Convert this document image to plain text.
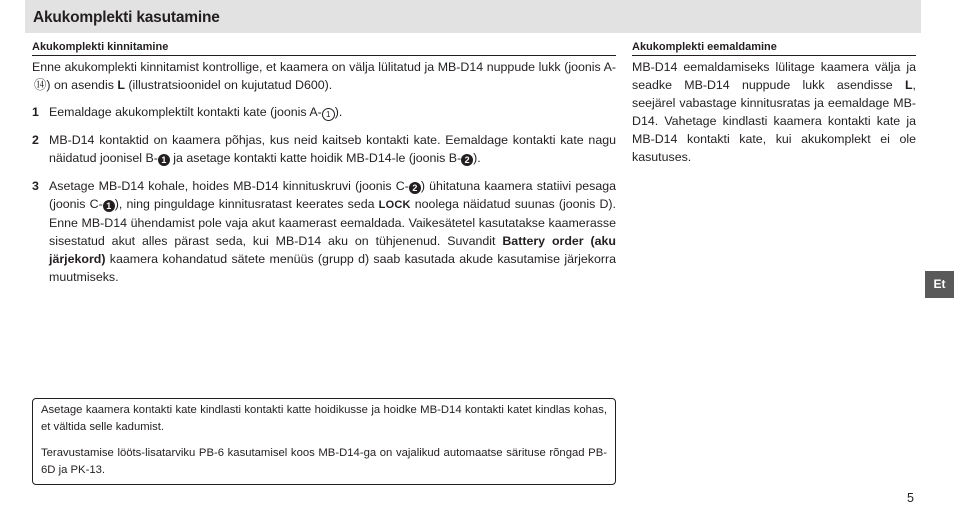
Akukomplekti kasutamine
Akukomplekti kinnitamine

Enne akukomplekti kinnitamist kontrollige, et kaamera on välja lülitatud ja MB-D14 nuppude lukk (joonis A-⑭) on asendis L (illustratsioonidel on kujutatud D600).

1 Eemaldage akukomplektilt kontakti kate (joonis A- 1 ).
2 MB-D14 kontaktid on kaamera põhjas, kus neid kaitseb kontakti kate. Eemaldage kontakti kate nagu näidatud joonisel B- 1 ja asetage kontakti katte hoidik MB-D14-le (joonis B- 2 ).
3 Asetage MB-D14 kohale, hoides MB-D14 kinnituskruvi (joonis C- 2 ) ühitatuna kaamera statiivi pesaga (joonis C- 1 ), ning pinguldage kinnitusratast keerates seda LOCK noolega näidatud suunas (joonis D). Enne MB-D14 ühendamist pole vaja akut kaamerast eemaldada. Vaikesätetel kasutatakse kaamerasse sisestatud akut alles pärast seda, kui MB-D14 aku on tühjenenud. Suvandit Battery order (aku järjekord) kaamera kohandatud sätete menüüs (grupp d) saab kasutada akude kasutamise järjekorra muutmiseks.
Akukomplekti eemaldamine

MB-D14 eemaldamiseks lülitage kaamera välja ja seadke MB-D14 nuppude lukk asendisse L, seejärel vabastage kinnitusratas ja eemaldage MB-D14. Vahetage kindlasti kaamera kontakti kate ja MB-D14 kontakti kate, kui akukomplekt ei ole kasutuses.

Asetage kaamera kontakti kate kindlasti kontakti katte hoidikusse ja hoidke MB-D14 kontakti katet kindlas kohas, et vältida selle kadumist.

Teravustamise lööts-lisatarviku PB-6 kasutamisel koos MB-D14-ga on vajalikud automaatse särituse rõngad PB-6D ja PK-13.

Et
5
